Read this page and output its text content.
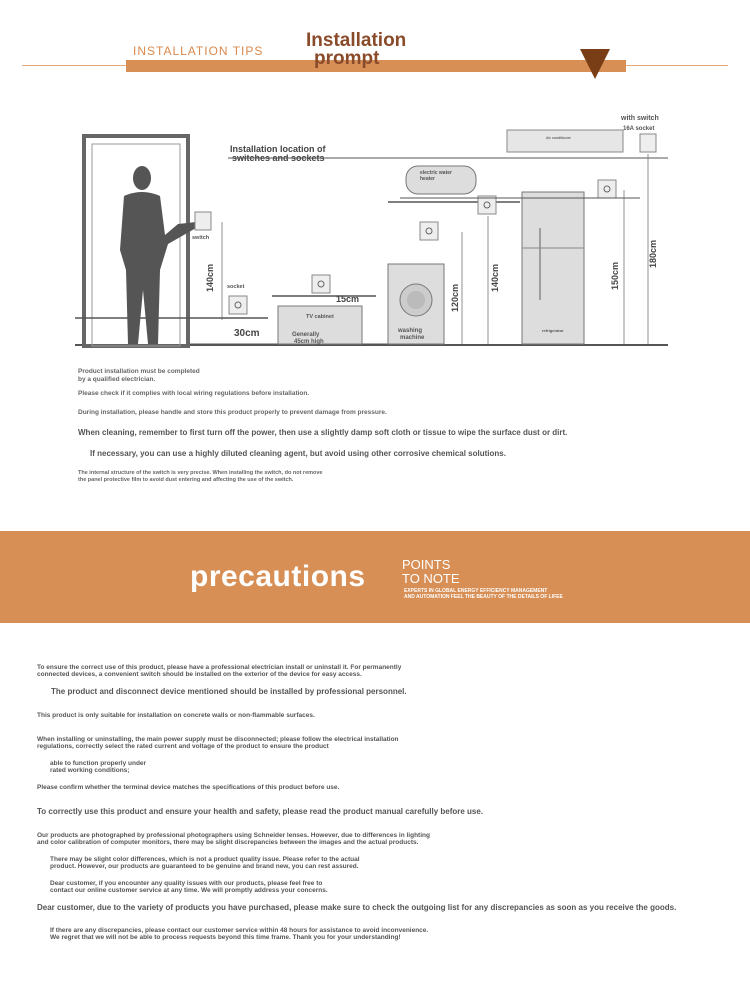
INSTALLATION TIPS Installation
prompt
Installation location of
switches and sockets
switch
140cm socket
30cm
TV cabinet
Generally
45cm high
15cm
washing
machine
120cm
electric water
heater
140cm
refrigerator
150cm
Air conditioner
with switch
16A socket
180cm
Product installation must be completed
by a qualified electrician.
Please check if it complies with local wiring regulations before installation.
During installation, please handle and store this product properly to prevent damage from pressure.
When cleaning, remember to first turn off the power, then use a slightly damp soft cloth or tissue to wipe the surface dust or dirt.
If necessary, you can use a highly diluted cleaning agent, but avoid using other corrosive chemical solutions.
The internal structure of the switch is very precise. When installing the switch, do not remove
the panel protective film to avoid dust entering and affecting the use of the switch.
precautions	POINTS
TO NOTE
EXPERTS IN GLOBAL ENERGY EFFICIENCY MANAGEMENT
AND AUTOMATION FEEL THE BEAUTY OF THE DETAILS OF LIFEE
To ensure the correct use of this product, please have a professional electrician install or uninstall it. For permanently
connected devices, a convenient switch should be installed on the exterior of the device for easy access.
The product and disconnect device mentioned should be installed by professional personnel.
This product is only suitable for installation on concrete walls or non-flammable surfaces.
When installing or uninstalling, the main power supply must be disconnected; please follow the electrical installation
regulations, correctly select the rated current and voltage of the product to ensure the product
able to function properly under
rated working conditions;
Please confirm whether the terminal device matches the specifications of this product before use.
To correctly use this product and ensure your health and safety, please read the product manual carefully before use.
Our products are photographed by professional photographers using Schneider lenses. However, due to differences in lighting
and color calibration of computer monitors, there may be slight discrepancies between the images and the actual products.
There may be slight color differences, which is not a product quality issue. Please refer to the actual
product. However, our products are guaranteed to be genuine and brand new, you can rest assured.
Dear customer, if you encounter any quality issues with our products, please feel free to
contact our online customer service at any time. We will promptly address your concerns.
Dear customer, due to the variety of products you have purchased, please make sure to check the outgoing list for any discrepancies as soon as you receive the goods.
If there are any discrepancies, please contact our customer service within 48 hours for assistance to avoid inconvenience.
We regret that we will not be able to process requests beyond this time frame. Thank you for your understanding!
